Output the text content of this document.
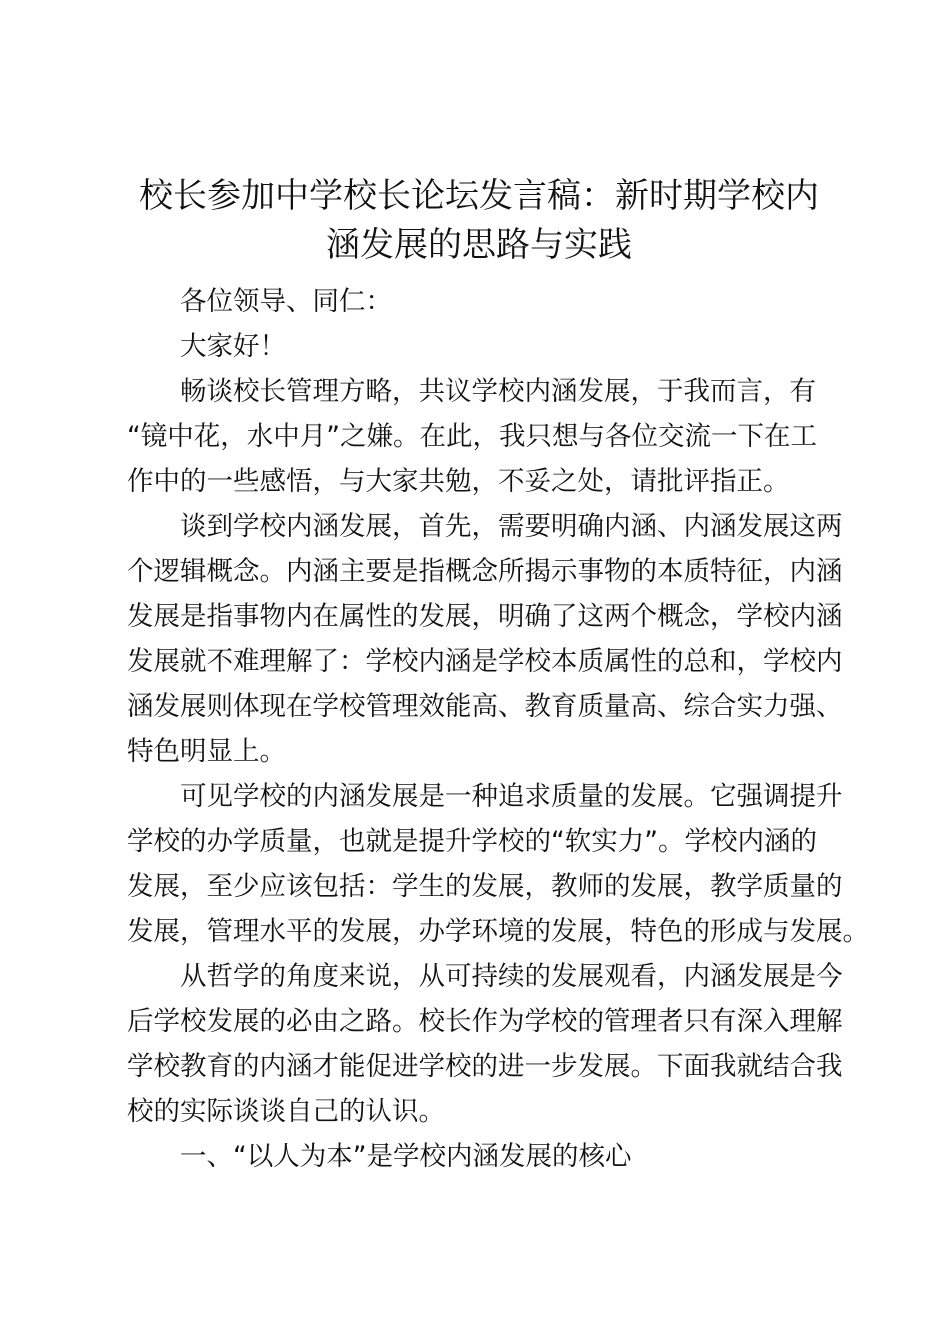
校长参加中学校长论坛发言稿：新时期学校内
涵发展的思路与实践

各位领导、同仁：

大家好！

畅谈校长管理方略，共议学校内涵发展，于我而言，有
“镜中花，水中月”之嫌。在此，我只想与各位交流一下在工
作中的一些感悟，与大家共勉，不妥之处，请批评指正。

谈到学校内涵发展，首先，需要明确内涵、内涵发展这两
个逻辑概念。内涵主要是指概念所揭示事物的本质特征，内涵
发展是指事物内在属性的发展，明确了这两个概念，学校内涵
发展就不难理解了：学校内涵是学校本质属性的总和，学校内
涵发展则体现在学校管理效能高、教育质量高、综合实力强、
特色明显上。

可见学校的内涵发展是一种追求质量的发展。它强调提升
学校的办学质量，也就是提升学校的“软实力”。学校内涵的
发展，至少应该包括：学生的发展，教师的发展，教学质量的
发展，管理水平的发展，办学环境的发展，特色的形成与发展。

从哲学的角度来说，从可持续的发展观看，内涵发展是今
后学校发展的必由之路。校长作为学校的管理者只有深入理解
学校教育的内涵才能促进学校的进一步发展。下面我就结合我
校的实际谈谈自己的认识。

一、“以人为本”是学校内涵发展的核心
